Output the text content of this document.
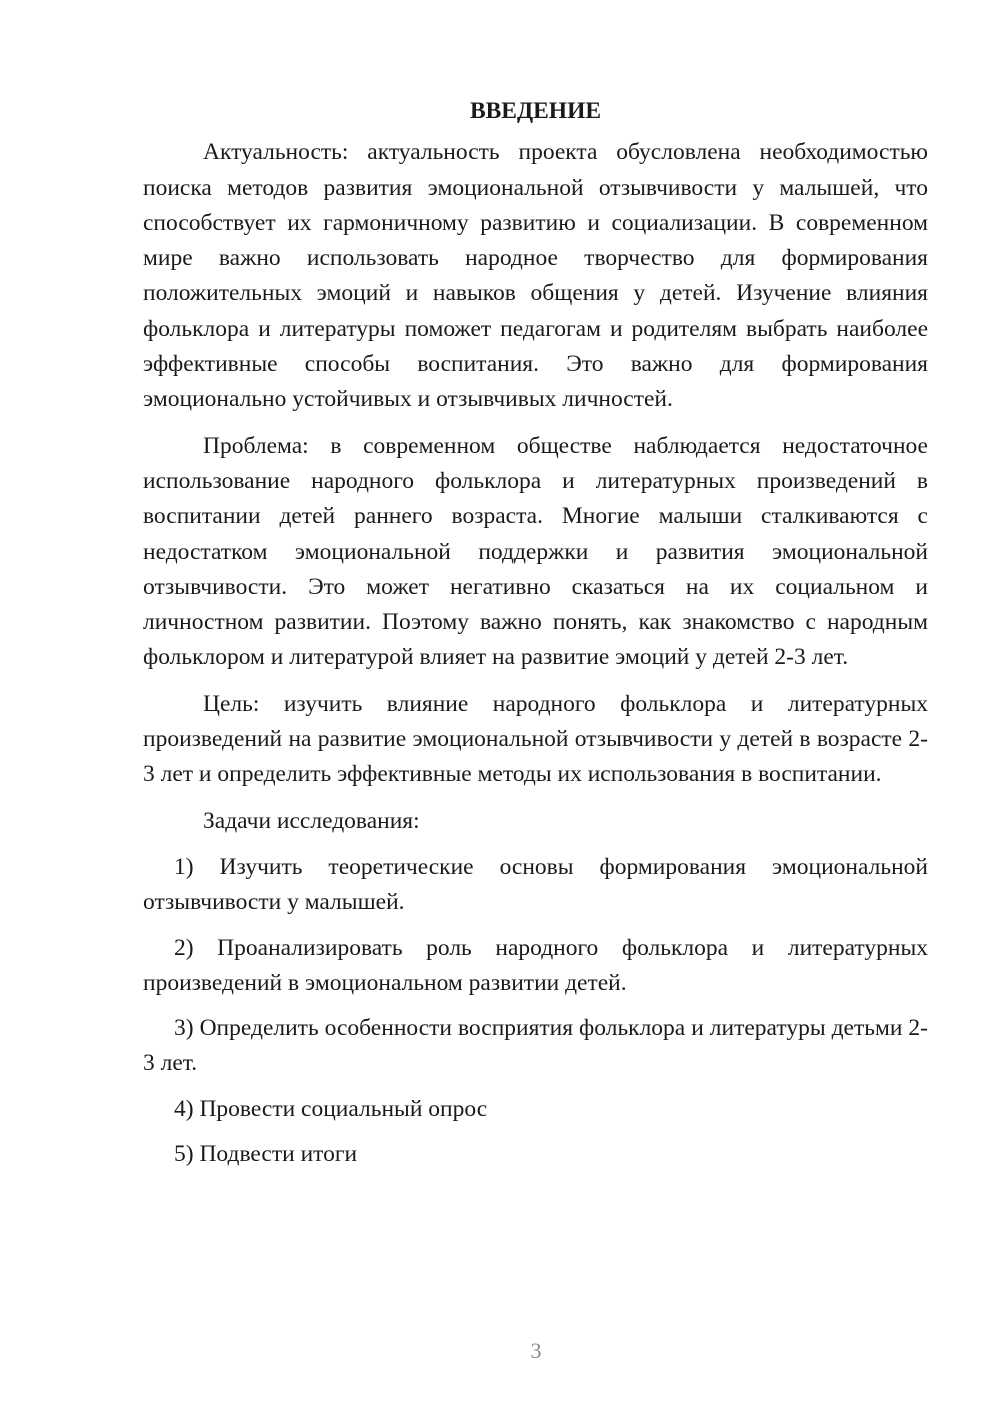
ВВЕДЕНИЕ

Актуальность: актуальность проекта обусловлена необходимостью поиска методов развития эмоциональной отзывчивости у малышей, что способствует их гармоничному развитию и социализации. В современном мире важно использовать народное творчество для формирования положительных эмоций и навыков общения у детей. Изучение влияния фольклора и литературы поможет педагогам и родителям выбрать наиболее эффективные способы воспитания. Это важно для формирования эмоционально устойчивых и отзывчивых личностей.

Проблема: в современном обществе наблюдается недостаточное использование народного фольклора и литературных произведений в воспитании детей раннего возраста. Многие малыши сталкиваются с недостатком эмоциональной поддержки и развития эмоциональной отзывчивости. Это может негативно сказаться на их социальном и личностном развитии. Поэтому важно понять, как знакомство с народным фольклором и литературой влияет на развитие эмоций у детей 2-3 лет.

Цель: изучить влияние народного фольклора и литературных произведений на развитие эмоциональной отзывчивости у детей в возрасте 2-3 лет и определить эффективные методы их использования в воспитании.

Задачи исследования:

1) Изучить теоретические основы формирования эмоциональной отзывчивости у малышей.

2) Проанализировать роль народного фольклора и литературных произведений в эмоциональном развитии детей.

3) Определить особенности восприятия фольклора и литературы детьми 2-3 лет.

4) Провести социальный опрос

5) Подвести итоги

3
